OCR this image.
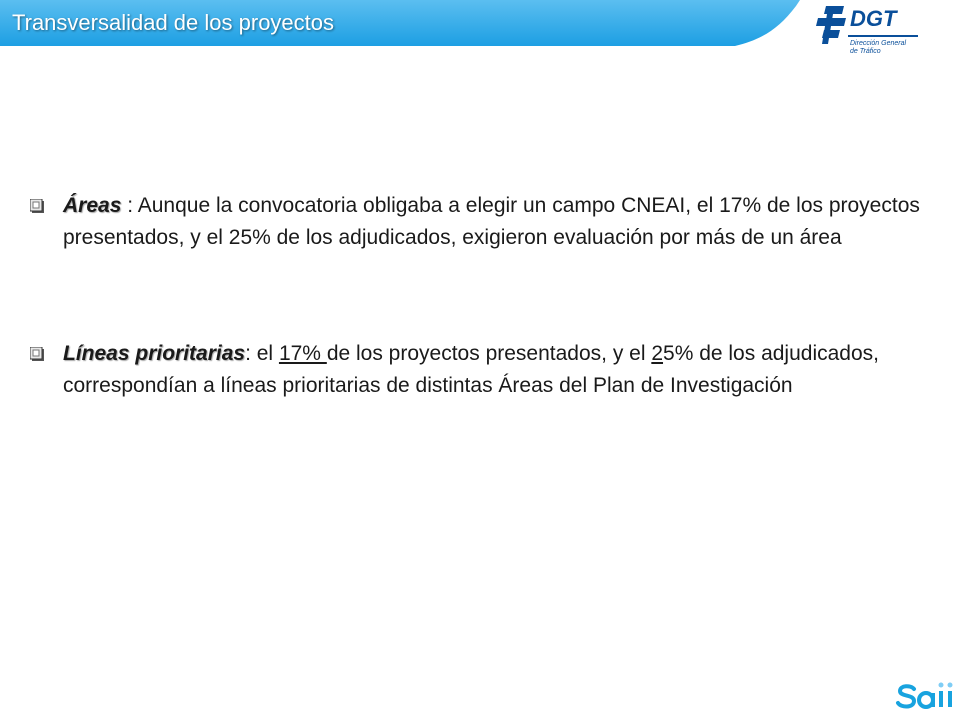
Transversalidad de los proyectos	DGT
Dirección General
de Tráfico
Áreas : Aunque la convocatoria obligaba a elegir un campo CNEAI, el 17% de los proyectos presentados, y el 25% de los adjudicados, exigieron evaluación por más de un área
Líneas prioritarias: el 17% de los proyectos presentados, y el 25% de los adjudicados, correspondían a líneas prioritarias de distintas Áreas del Plan de Investigación
